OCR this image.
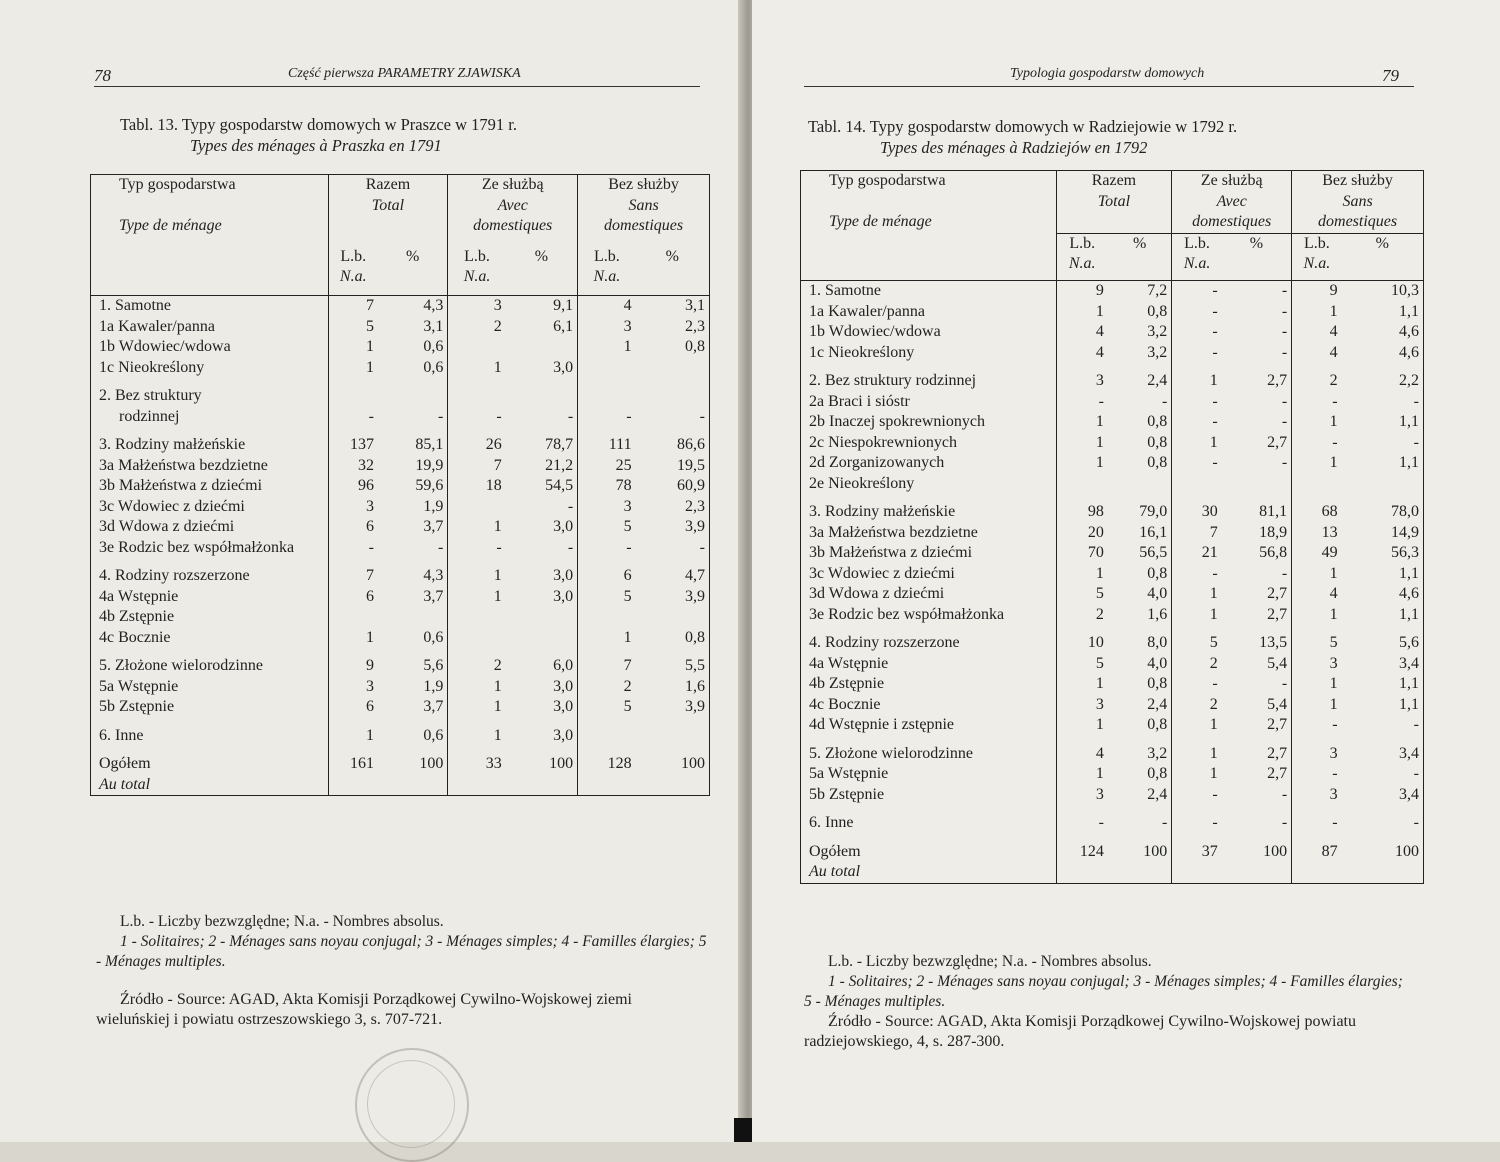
78	Część pierwsza PARAMETRY ZJAWISKA
Tabl. 13. Typy gospodarstw domowych w Praszce w 1791 r.
Types des ménages à Praszka en 1791
Typ gospodarstwa	Razem		Ze służbą		Bez służby	
	Total		Avec		Sans	
Type de ménage			domestiques		domestiques	

	L.b.	%	L.b.	%	L.b.	%
	N.a.		N.a.		N.a.	
1. Samotne	7	4,3	3	9,1	4	3,1
1a Kawaler/panna	5	3,1	2	6,1	3	2,3
1b Wdowiec/wdowa	1	0,6			1	0,8
1c Nieokreślony	1	0,6	1	3,0		

2. Bez struktury						
rodzinnej	-	-	-	-	-	-

3. Rodziny małżeńskie	137	85,1	26	78,7	111	86,6
3a Małżeństwa bezdzietne	32	19,9	7	21,2	25	19,5
3b Małżeństwa z dziećmi	96	59,6	18	54,5	78	60,9
3c Wdowiec z dziećmi	3	1,9		-	3	2,3
3d Wdowa z dziećmi	6	3,7	1	3,0	5	3,9
3e Rodzic bez współmałżonka	-	-	-	-	-	-

4. Rodziny rozszerzone	7	4,3	1	3,0	6	4,7
4a Wstępnie	6	3,7	1	3,0	5	3,9
4b Zstępnie						
4c Bocznie	1	0,6			1	0,8

5. Złożone wielorodzinne	9	5,6	2	6,0	7	5,5
5a Wstępnie	3	1,9	1	3,0	2	1,6
5b Zstępnie	6	3,7	1	3,0	5	3,9

6. Inne	1	0,6	1	3,0		

Ogółem	161	100	33	100	128	100
Au total						

L.b. - Liczby bezwzględne; N.a. - Nombres absolus.

1 - Solitaires; 2 - Ménages sans noyau conjugal; 3 - Ménages simples; 4 - Familles élargies; 5 - Ménages multiples.

Źródło - Source: AGAD, Akta Komisji Porządkowej Cywilno-Wojskowej ziemi wieluńskiej i powiatu ostrzeszowskiego 3, s. 707-721.

Typologia gospodarstw domowych	79
Tabl. 14. Typy gospodarstw domowych w Radziejowie w 1792 r.
Types des ménages à Radziejów en 1792
Typ gospodarstwa	Razem		Ze służbą		Bez służby	
	Total		Avec		Sans	
Type de ménage			domestiques		domestiques	
	L.b.	%	L.b.	%	L.b.	%
	N.a.		N.a.		N.a.	
1. Samotne	9	7,2	-	-	9	10,3
1a Kawaler/panna	1	0,8	-	-	1	1,1
1b Wdowiec/wdowa	4	3,2	-	-	4	4,6
1c Nieokreślony	4	3,2	-	-	4	4,6

2. Bez struktury rodzinnej	3	2,4	1	2,7	2	2,2
2a Braci i sióstr	-	-	-	-	-	-
2b Inaczej spokrewnionych	1	0,8	-	-	1	1,1
2c Niespokrewnionych	1	0,8	1	2,7	-	-
2d Zorganizowanych	1	0,8	-	-	1	1,1
2e Nieokreślony						

3. Rodziny małżeńskie	98	79,0	30	81,1	68	78,0
3a Małżeństwa bezdzietne	20	16,1	7	18,9	13	14,9
3b Małżeństwa z dziećmi	70	56,5	21	56,8	49	56,3
3c Wdowiec z dziećmi	1	0,8	-	-	1	1,1
3d Wdowa z dziećmi	5	4,0	1	2,7	4	4,6
3e Rodzic bez współmałżonka	2	1,6	1	2,7	1	1,1

4. Rodziny rozszerzone	10	8,0	5	13,5	5	5,6
4a Wstępnie	5	4,0	2	5,4	3	3,4
4b Zstępnie	1	0,8	-	-	1	1,1
4c Bocznie	3	2,4	2	5,4	1	1,1
4d Wstępnie i zstępnie	1	0,8	1	2,7	-	-

5. Złożone wielorodzinne	4	3,2	1	2,7	3	3,4
5a Wstępnie	1	0,8	1	2,7	-	-
5b Zstępnie	3	2,4	-	-	3	3,4

6. Inne	-	-	-	-	-	-

Ogółem	124	100	37	100	87	100
Au total						

L.b. - Liczby bezwzględne; N.a. - Nombres absolus.

1 - Solitaires; 2 - Ménages sans noyau conjugal; 3 - Ménages simples; 4 - Familles élargies; 5 - Ménages multiples.

Źródło - Source: AGAD, Akta Komisji Porządkowej Cywilno-Wojskowej powiatu radziejowskiego, 4, s. 287-300.
